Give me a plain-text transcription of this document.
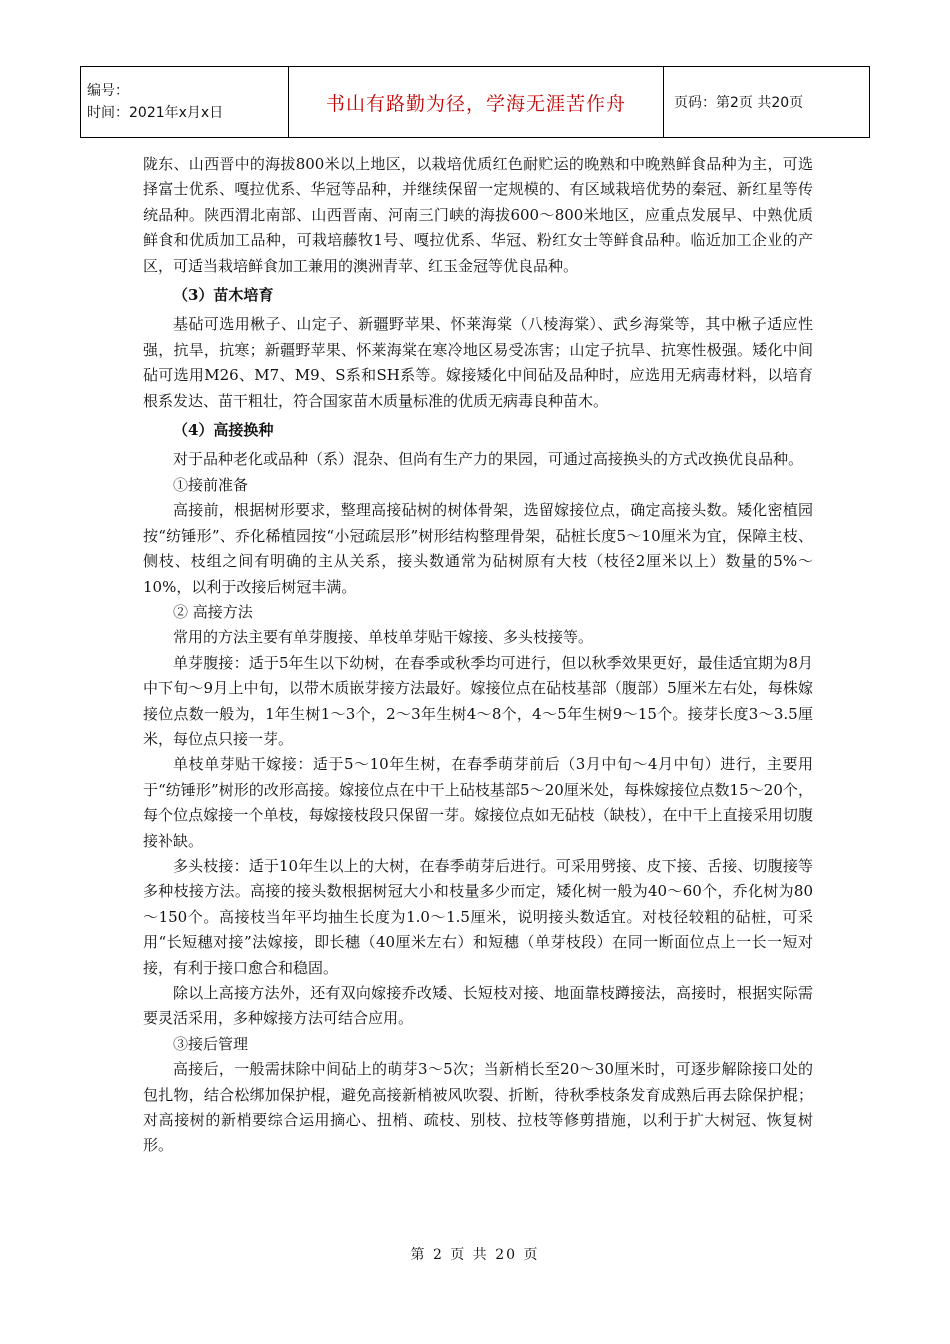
编号：
时间：2021年x月x日	书山有路勤为径，学海无涯苦作舟	页码：第2页 共20页

陇东、山西晋中的海拔800米以上地区，以栽培优质红色耐贮运的晚熟和中晚熟鲜食品种为主，可选择富士优系、嘎拉优系、华冠等品种，并继续保留一定规模的、有区域栽培优势的秦冠、新红星等传统品种。陕西渭北南部、山西晋南、河南三门峡的海拔600～800米地区，应重点发展早、中熟优质鲜食和优质加工品种，可栽培藤牧1号、嘎拉优系、华冠、粉红女士等鲜食品种。临近加工企业的产区，可适当栽培鲜食加工兼用的澳洲青苹、红玉金冠等优良品种。

（3）苗木培育

基砧可选用楸子、山定子、新疆野苹果、怀莱海棠（八棱海棠）、武乡海棠等，其中楸子适应性强，抗旱，抗寒；新疆野苹果、怀莱海棠在寒冷地区易受冻害；山定子抗旱、抗寒性极强。矮化中间砧可选用M26、M7、M9、S系和SH系等。嫁接矮化中间砧及品种时，应选用无病毒材料，以培育根系发达、苗干粗壮，符合国家苗木质量标准的优质无病毒良种苗木。

（4）高接换种

对于品种老化或品种（系）混杂、但尚有生产力的果园，可通过高接换头的方式改换优良品种。

①接前准备

高接前，根据树形要求，整理高接砧树的树体骨架，选留嫁接位点，确定高接头数。矮化密植园按“纺锤形”、乔化稀植园按“小冠疏层形”树形结构整理骨架，砧桩长度5～10厘米为宜，保障主枝、侧枝、枝组之间有明确的主从关系，接头数通常为砧树原有大枝（枝径2厘米以上）数量的5%～10%，以利于改接后树冠丰满。

② 高接方法

常用的方法主要有单芽腹接、单枝单芽贴干嫁接、多头枝接等。

单芽腹接：适于5年生以下幼树，在春季或秋季均可进行，但以秋季效果更好，最佳适宜期为8月中下旬～9月上中旬，以带木质嵌芽接方法最好。嫁接位点在砧枝基部（腹部）5厘米左右处，每株嫁接位点数一般为，1年生树1～3个，2～3年生树4～8个，4～5年生树9～15个。接芽长度3～3.5厘米，每位点只接一芽。

单枝单芽贴干嫁接：适于5～10年生树，在春季萌芽前后（3月中旬～4月中旬）进行，主要用于“纺锤形”树形的改形高接。嫁接位点在中干上砧枝基部5～20厘米处，每株嫁接位点数15～20个，每个位点嫁接一个单枝，每嫁接枝段只保留一芽。嫁接位点如无砧枝（缺枝），在中干上直接采用切腹接补缺。

多头枝接：适于10年生以上的大树，在春季萌芽后进行。可采用劈接、皮下接、舌接、切腹接等多种枝接方法。高接的接头数根据树冠大小和枝量多少而定，矮化树一般为40～60个，乔化树为80～150个。高接枝当年平均抽生长度为1.0～1.5厘米，说明接头数适宜。对枝径较粗的砧桩，可采用“长短穗对接”法嫁接，即长穗（40厘米左右）和短穗（单芽枝段）在同一断面位点上一长一短对接，有利于接口愈合和稳固。

除以上高接方法外，还有双向嫁接乔改矮、长短枝对接、地面靠枝蹲接法，高接时，根据实际需要灵活采用，多种嫁接方法可结合应用。

③接后管理

高接后，一般需抹除中间砧上的萌芽3～5次；当新梢长至20～30厘米时，可逐步解除接口处的包扎物，结合松绑加保护棍，避免高接新梢被风吹裂、折断，待秋季枝条发育成熟后再去除保护棍；对高接树的新梢要综合运用摘心、扭梢、疏枝、别枝、拉枝等修剪措施，以利于扩大树冠、恢复树形。

第 2 页 共 20 页
